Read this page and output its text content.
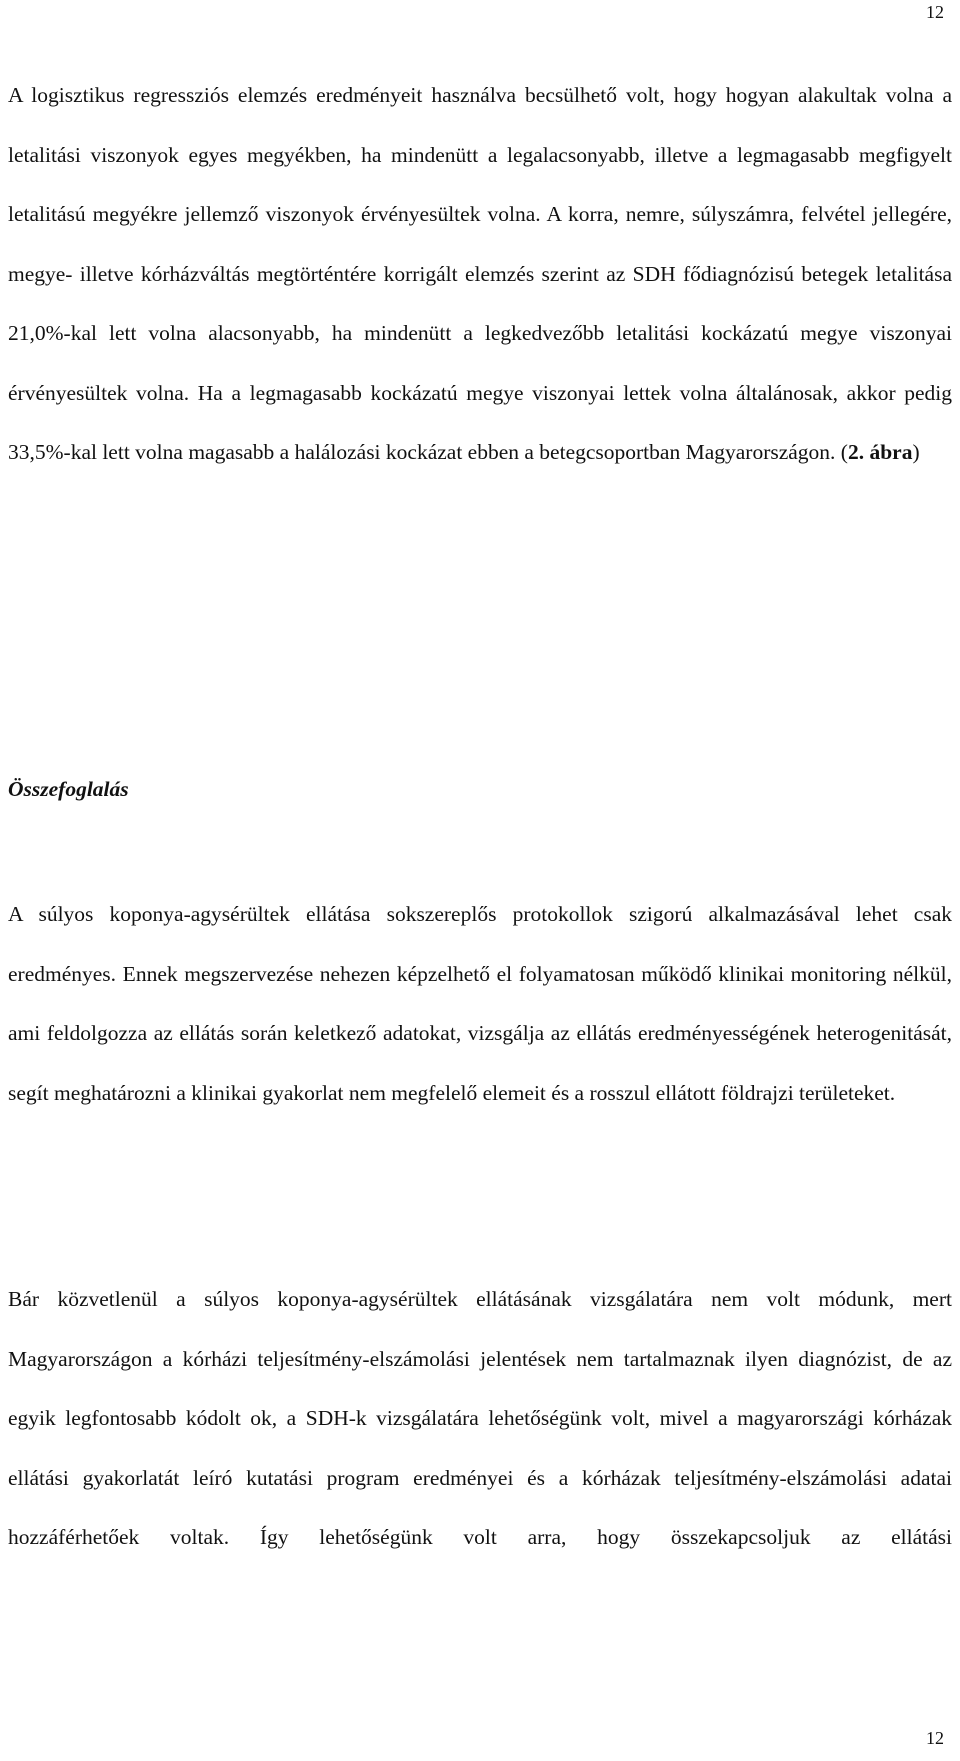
12

A logisztikus regressziós elemzés eredményeit használva becsülhető volt, hogy hogyan alakultak volna a letalitási viszonyok egyes megyékben, ha mindenütt a legalacsonyabb, illetve a legmagasabb megfigyelt letalitású megyékre jellemző viszonyok érvényesültek volna. A korra, nemre, súlyszámra, felvétel jellegére, megye- illetve kórházváltás megtörténtére korrigált elemzés szerint az SDH fődiagnózisú betegek letalitása 21,0%-kal lett volna alacsonyabb, ha mindenütt a legkedvezőbb letalitási kockázatú megye viszonyai érvényesültek volna. Ha a legmagasabb kockázatú megye viszonyai lettek volna általánosak, akkor pedig 33,5%-kal lett volna magasabb a halálozási kockázat ebben a betegcsoportban Magyarországon. (2. ábra)

Összefoglalás

A súlyos koponya-agysérültek ellátása sokszereplős protokollok szigorú alkalmazásával lehet csak eredményes. Ennek megszervezése nehezen képzelhető el folyamatosan működő klinikai monitoring nélkül, ami feldolgozza az ellátás során keletkező adatokat, vizsgálja az ellátás eredményességének heterogenitását, segít meghatározni a klinikai gyakorlat nem megfelelő elemeit és a rosszul ellátott földrajzi területeket.

Bár közvetlenül a súlyos koponya-agysérültek ellátásának vizsgálatára nem volt módunk, mert Magyarországon a kórházi teljesítmény-elszámolási jelentések nem tartalmaznak ilyen diagnózist, de az egyik legfontosabb kódolt ok, a SDH-k vizsgálatára lehetőségünk volt, mivel a magyarországi kórházak ellátási gyakorlatát leíró kutatási program eredményei és a kórházak teljesítmény-elszámolási adatai hozzáférhetőek voltak. Így lehetőségünk volt arra, hogy összekapcsoljuk az ellátási

12
